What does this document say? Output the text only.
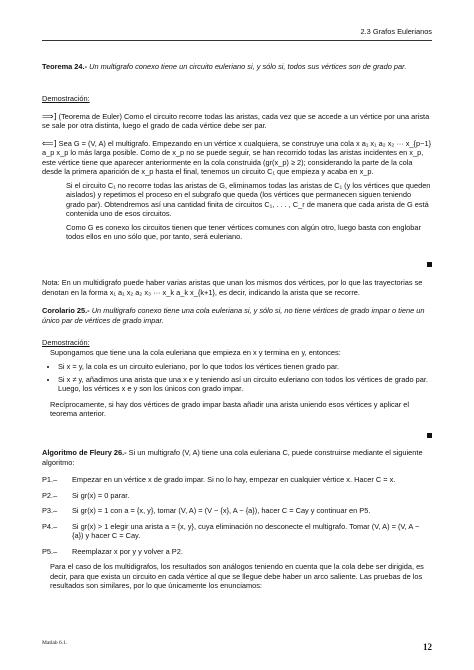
2.3 Grafos Eulerianos
Teorema 24.- Un multigrafo conexo tiene un circuito euleriano si, y sólo si, todos sus vértices son de grado par.
Demostración:
⟹] (Teorema de Euler) Como el circuito recorre todas las aristas, cada vez que se accede a un vértice por una arista se sale por otra distinta, luego el grado de cada vértice debe ser par.
⟸] Sea G = (V, A) el multigrafo. Empezando en un vértice x cualquiera, se construye una cola x a₁ x₁ a₂ x₂ ··· x_{p−1} a_p x_p lo más larga posible. Como de x_p no se puede seguir, se han recorrido todas las aristas incidentes en x_p, este vértice tiene que aparecer anteriormente en la cola construida (gr(x_p) ≥ 2); considerando la parte de la cola desde la primera aparición de x_p hasta el final, tenemos un circuito C₁ que empieza y acaba en x_p.
Si el circuito C₁ no recorre todas las aristas de G, eliminamos todas las aristas de C₁ (y los vértices que queden aislados) y repetimos el proceso en el subgrafo que queda (los vértices que permanecen siguen teniendo grado par). Obtendremos así una cantidad finita de circuitos C₁, . . . , C_r de manera que cada arista de G está contenida uno de esos circuitos.
Como G es conexo los circuitos tienen que tener vértices comunes con algún otro, luego basta con englobar todos ellos en uno sólo que, por tanto, será euleriano.
Nota: En un multidigrafo puede haber varias aristas que unan los mismos dos vértices, por lo que las trayectorias se denotan en la forma x₁ a₁ x₂ a₂ x₃ ··· x_k a_k x_{k+1}, es decir, indicando la arista que se recorre.
Corolario 25.- Un multigrafo conexo tiene una cola euleriana si, y sólo si, no tiene vértices de grado impar o tiene un único par de vértices de grado impar.
Demostración:
Supongamos que tiene una la cola euleriana que empieza en x y termina en y, entonces:
• Si x = y, la cola es un circuito euleriano, por lo que todos los vértices tienen grado par.
• Si x ≠ y, añadimos una arista que una x e y teniendo así un circuito euleriano con todos los vértices de grado par. Luego, los vértices x e y son los únicos con grado impar.
Recíprocamente, si hay dos vértices de grado impar basta añadir una arista uniendo esos vértices y aplicar el teorema anterior.
Algoritmo de Fleury 26.- Si un multigrafo (V, A) tiene una cola euleriana C, puede construirse mediante el siguiente algoritmo:
P1.–	Empezar en un vértice x de grado impar. Si no lo hay, empezar en cualquier vértice x. Hacer C = x.
P2.–	Si gr(x) = 0 parar.
P3.–	Si gr(x) = 1 con a = {x, y}, tomar (V, A) = (V − {x}, A − {a}), hacer C = Cay y continuar en P5.
P4.–	Si gr(x) > 1 elegir una arista a = {x, y}, cuya eliminación no desconecte el multigrafo. Tomar (V, A) = (V, A − {a}) y hacer C = Cay.
P5.–	Reemplazar x por y y volver a P2.
Para el caso de los multidigrafos, los resultados son análogos teniendo en cuenta que la cola debe ser dirigida, es decir, para que exista un circuito en cada vértice al que se llegue debe haber un arco saliente. Las pruebas de los resultados son similares, por lo que únicamente los enunciamos:
Matlab 6.1.	12
